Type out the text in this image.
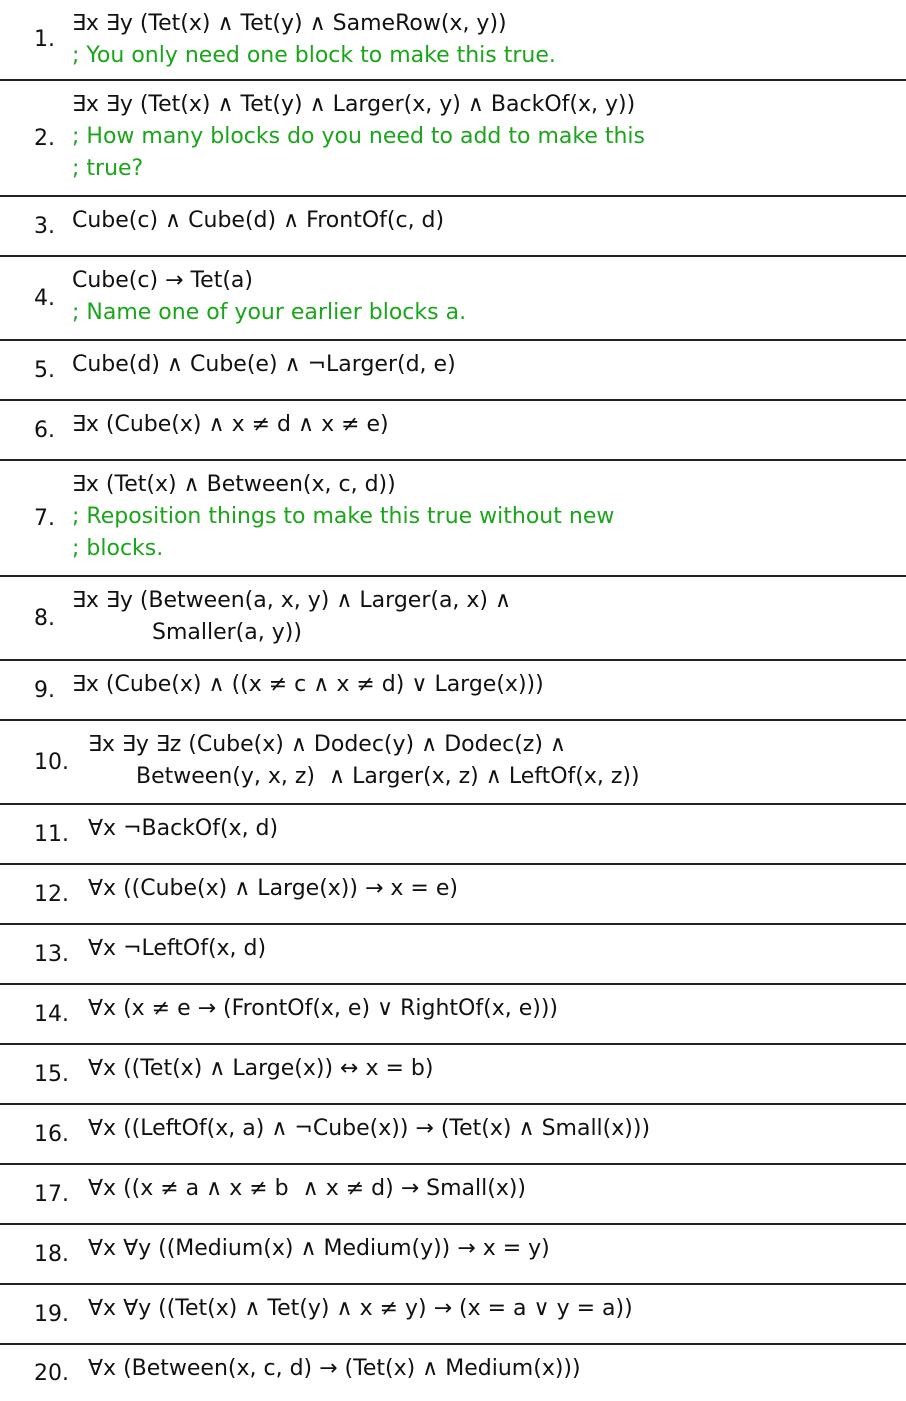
1.
∃x ∃y (Tet(x) ∧ Tet(y) ∧ SameRow(x, y))
; You only need one block to make this true.
2.
∃x ∃y (Tet(x) ∧ Tet(y) ∧ Larger(x, y) ∧ BackOf(x, y))
; How many blocks do you need to add to make this
; true?
3. Cube(c) ∧ Cube(d) ∧ FrontOf(c, d)
4.
Cube(c) → Tet(a)
; Name one of your earlier blocks a.
5. Cube(d) ∧ Cube(e) ∧ ¬Larger(d, e)
6. ∃x (Cube(x) ∧ x ≠ d ∧ x ≠ e)
7.
∃x (Tet(x) ∧ Between(x, c, d))
; Reposition things to make this true without new
; blocks.
8.
∃x ∃y (Between(a, x, y) ∧ Larger(a, x) ∧
Smaller(a, y))
9. ∃x (Cube(x) ∧ ((x ≠ c ∧ x ≠ d) ∨ Large(x)))
10.
∃x ∃y ∃z (Cube(x) ∧ Dodec(y) ∧ Dodec(z) ∧
Between(y, x, z)  ∧ Larger(x, z) ∧ LeftOf(x, z))
11. ∀x ¬BackOf(x, d)
12. ∀x ((Cube(x) ∧ Large(x)) → x = e)
13. ∀x ¬LeftOf(x, d)
14. ∀x (x ≠ e → (FrontOf(x, e) ∨ RightOf(x, e)))
15. ∀x ((Tet(x) ∧ Large(x)) ↔ x = b)
16. ∀x ((LeftOf(x, a) ∧ ¬Cube(x)) → (Tet(x) ∧ Small(x)))
17. ∀x ((x ≠ a ∧ x ≠ b  ∧ x ≠ d) → Small(x))
18. ∀x ∀y ((Medium(x) ∧ Medium(y)) → x = y)
19. ∀x ∀y ((Tet(x) ∧ Tet(y) ∧ x ≠ y) → (x = a ∨ y = a))
20. ∀x (Between(x, c, d) → (Tet(x) ∧ Medium(x)))
